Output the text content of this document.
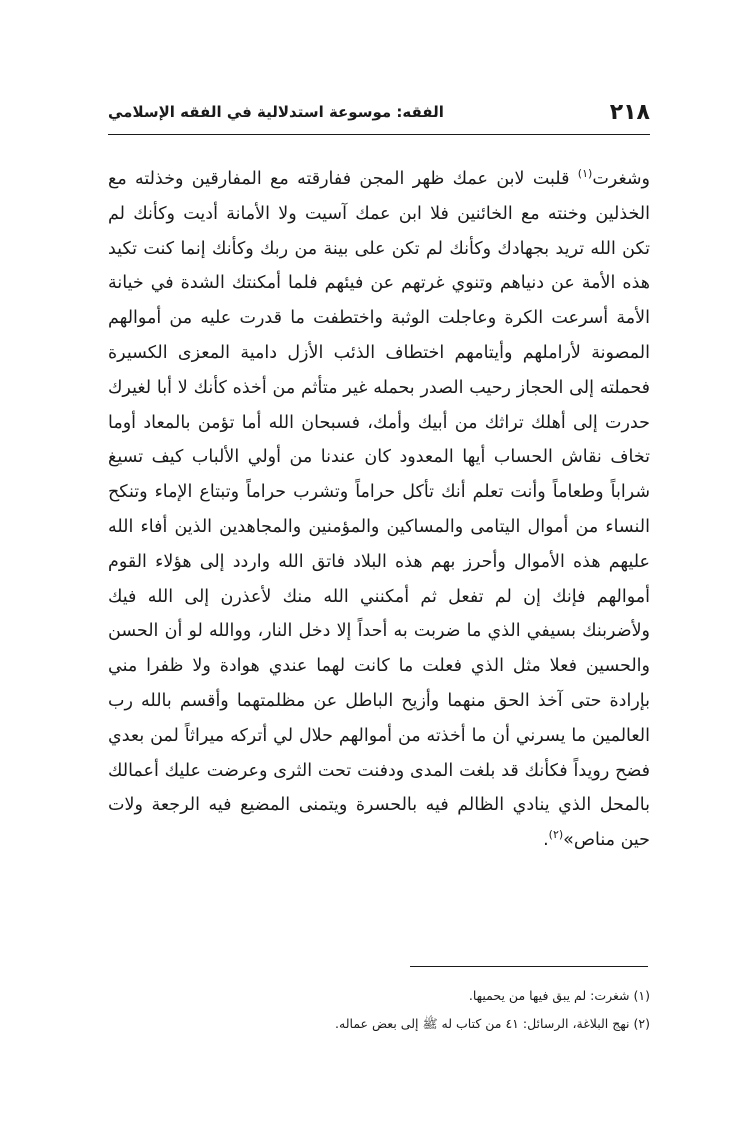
٢١٨
الفقه: موسوعة استدلالية في الفقه الإسلامي
وشغرت$^{(١)}$ قلبت لابن عمك ظهر المجن ففارقته مع المفارقين وخذلته مع الخذلين وخنته مع الخائنين فلا ابن عمك آسيت ولا الأمانة أديت وكأنك لم تكن الله تريد بجهادك وكأنك لم تكن على بينة من ربك وكأنك إنما كنت تكيد هذه الأمة عن دنياهم وتنوي غرتهم عن فيئهم فلما أمكنتك الشدة في خيانة الأمة أسرعت الكرة وعاجلت الوثبة واختطفت ما قدرت عليه من أموالهم المصونة لأراملهم وأيتامهم اختطاف الذئب الأزل دامية المعزى الكسيرة فحملته إلى الحجاز رحيب الصدر بحمله غير متأثم من أخذه كأنك لا أبا لغيرك حدرت إلى أهلك تراثك من أبيك وأمك، فسبحان الله أما تؤمن بالمعاد أوما تخاف نقاش الحساب أيها المعدود كان عندنا من أولي الألباب كيف تسيغ شراباً وطعاماً وأنت تعلم أنك تأكل حراماً وتشرب حراماً وتبتاع الإماء وتنكح النساء من أموال اليتامى والمساكين والمؤمنين والمجاهدين الذين أفاء الله عليهم هذه الأموال وأحرز بهم هذه البلاد فاتق الله واردد إلى هؤلاء القوم أموالهم فإنك إن لم تفعل ثم أمكنني الله منك لأعذرن إلى الله فيك ولأضربنك بسيفي الذي ما ضربت به أحداً إلا دخل النار، ووالله لو أن الحسن والحسين فعلا مثل الذي فعلت ما كانت لهما عندي هوادة ولا ظفرا مني بإرادة حتى آخذ الحق منهما وأزيح الباطل عن مظلمتهما وأقسم بالله رب العالمين ما يسرني أن ما أخذته من أموالهم حلال لي أتركه ميراثاً لمن بعدي فضح رويداً فكأنك قد بلغت المدى ودفنت تحت الثرى وعرضت عليك أعمالك بالمحل الذي ينادي الظالم فيه بالحسرة ويتمنى المضيع فيه الرجعة ولات حين مناص»$^{(٢)}$.
(١) شغرت: لم يبق فيها من يحميها.
(٢) نهج البلاغة، الرسائل: ٤١ من كتاب له ﷺ إلى بعض عماله.
